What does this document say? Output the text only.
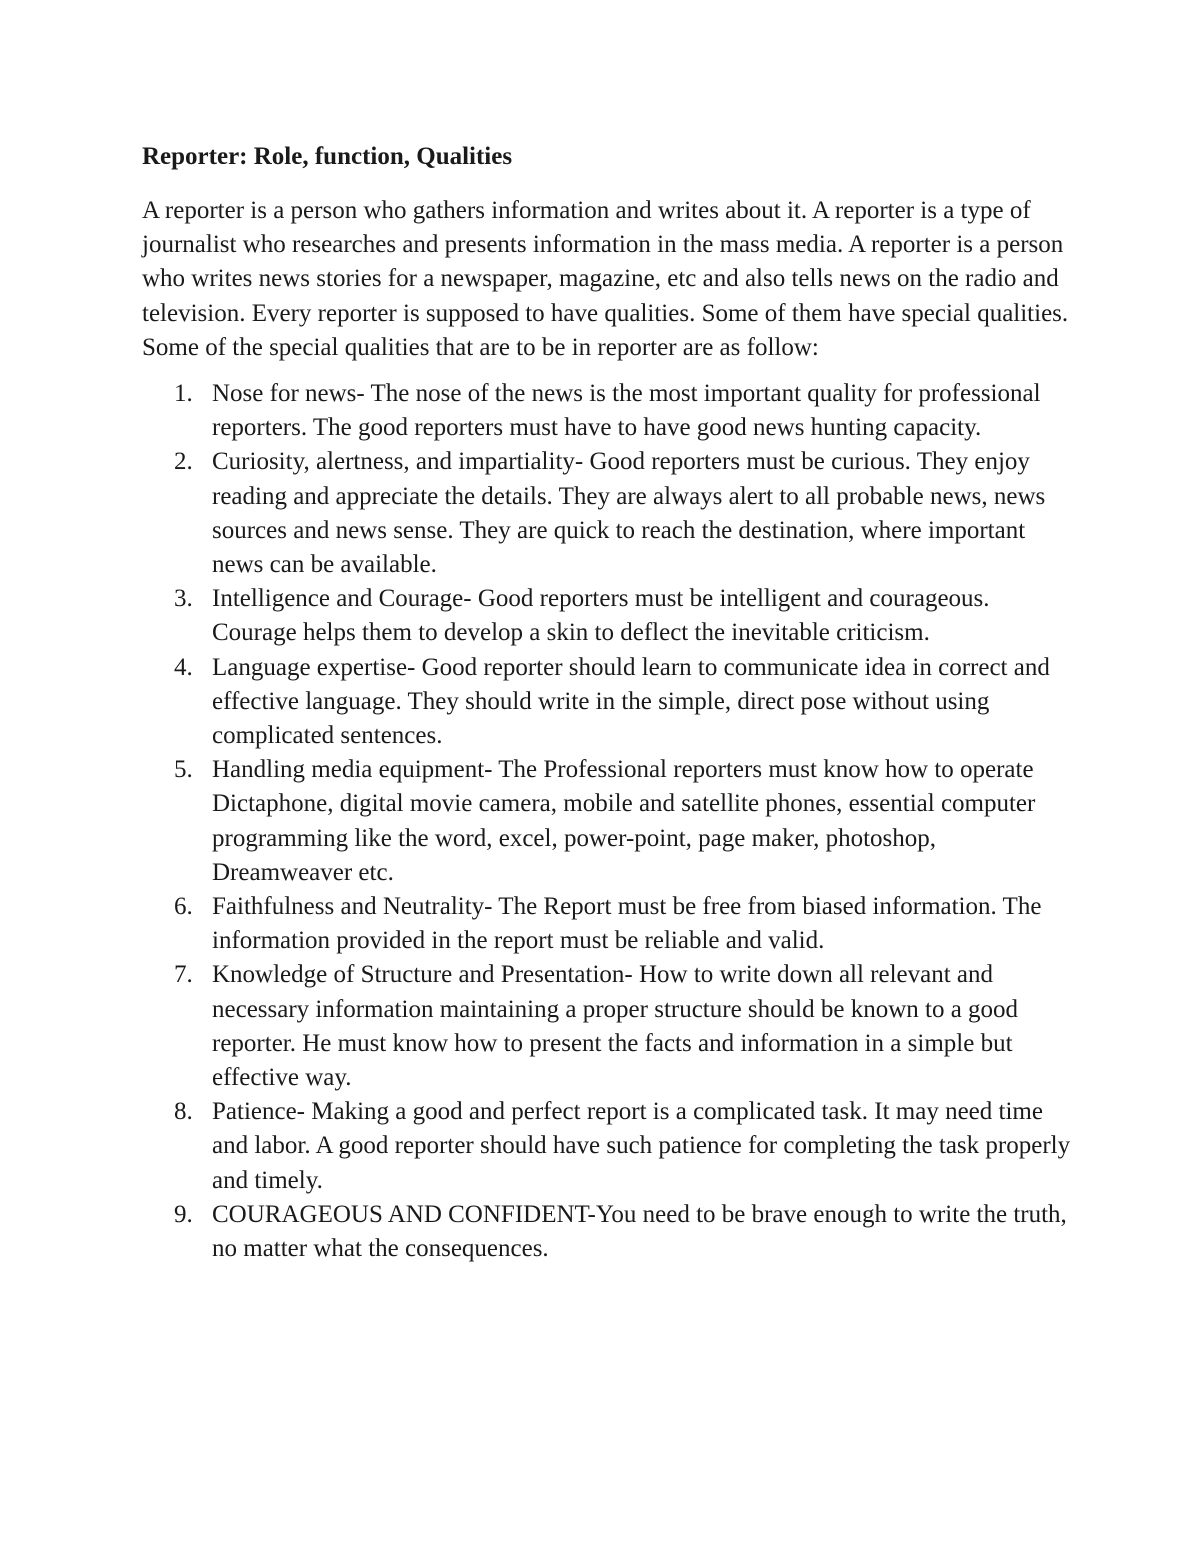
Reporter: Role, function, Qualities

A reporter is a person who gathers information and writes about it. A reporter is a type of journalist who researches and presents information in the mass media. A reporter is a person who writes news stories for a newspaper, magazine, etc and also tells news on the radio and television. Every reporter is supposed to have qualities. Some of them have special qualities. Some of the special qualities that are to be in reporter are as follow:

1. Nose for news- The nose of the news is the most important quality for professional reporters. The good reporters must have to have good news hunting capacity.
2. Curiosity, alertness, and impartiality- Good reporters must be curious. They enjoy reading and appreciate the details. They are always alert to all probable news, news sources and news sense. They are quick to reach the destination, where important news can be available.
3. Intelligence and Courage- Good reporters must be intelligent and courageous. Courage helps them to develop a skin to deflect the inevitable criticism.
4. Language expertise- Good reporter should learn to communicate idea in correct and effective language. They should write in the simple, direct pose without using complicated sentences.
5. Handling media equipment- The Professional reporters must know how to operate Dictaphone, digital movie camera, mobile and satellite phones, essential computer programming like the word, excel, power-point, page maker, photoshop, Dreamweaver etc.
6. Faithfulness and Neutrality- The Report must be free from biased information. The information provided in the report must be reliable and valid.
7. Knowledge of Structure and Presentation- How to write down all relevant and necessary information maintaining a proper structure should be known to a good reporter. He must know how to present the facts and information in a simple but effective way.
8. Patience- Making a good and perfect report is a complicated task. It may need time and labor. A good reporter should have such patience for completing the task properly and timely.
9. COURAGEOUS AND CONFIDENT-You need to be brave enough to write the truth, no matter what the consequences.
